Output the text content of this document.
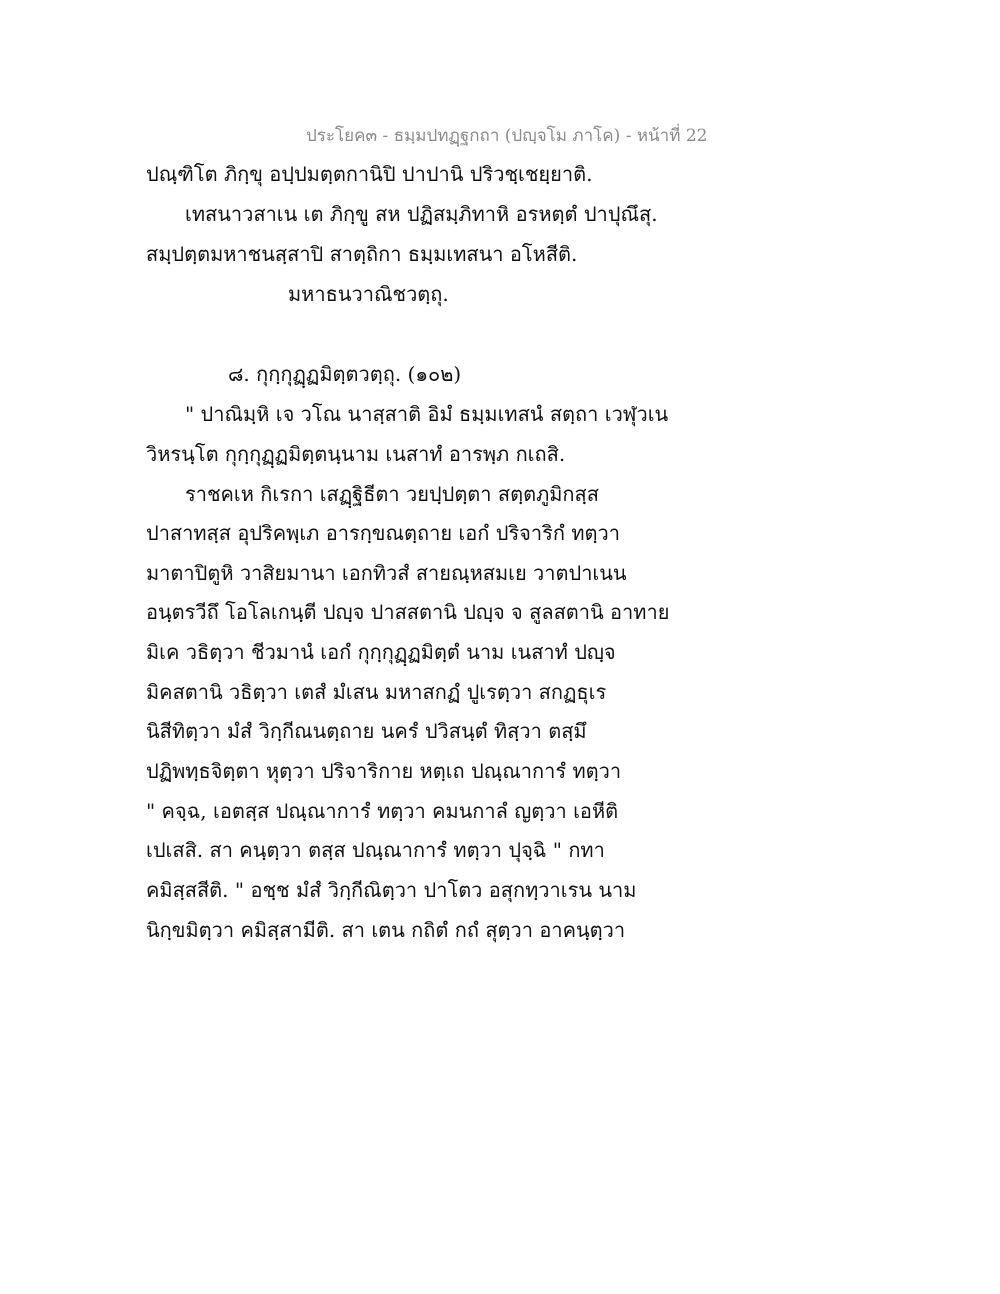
ประโยค๓ - ธมฺมปทฏฺฐกถา (ปญฺจโม ภาโค) - หน้าที่ 22
ปณฺฑิโต ภิกฺขุ อปฺปมตฺตกานิปิ ปาปานิ ปริวชฺเชยฺยาติ.
เทสนาวสาเน เต ภิกฺขู สห ปฏิสมฺภิทาหิ อรหตฺตํ ปาปุณึสุ.
สมฺปตฺตมหาชนสฺสาปิ สาตฺถิกา ธมฺมเทสนา อโหสีติ.
มหาธนวาณิชวตฺถุ.
๘. กุกฺกุฏฺฏมิตฺตวตฺถุ. (๑๐๒)
" ปาณิมฺหิ เจ วโณ นาสฺสาติ อิมํ ธมฺมเทสนํ สตฺถา เวฬุวเน
วิหรนฺโต กุกฺกุฏฺฏมิตฺตนฺนาม เนสาทํ อารพฺภ กเถสิ.
ราชคเห กิเรกา เสฏฺฐิธีตา วยปฺปตฺตา สตฺตภูมิกสฺส
ปาสาทสฺส อุปริคพฺเภ อารกฺขณตฺถาย เอกํ ปริจาริกํ ทตฺวา
มาตาปิตูหิ วาสิยมานา เอกทิวสํ สายณฺหสมเย วาตปาเนน
อนฺตรวีถึ โอโลเกนฺตี ปญฺจ ปาสสตานิ ปญฺจ จ สูลสตานิ อาทาย
มิเค วธิตฺวา ชีวมานํ เอกํ กุกฺกุฏฺฏมิตฺตํ นาม เนสาทํ ปญฺจ
มิคสตานิ วธิตฺวา เตสํ มํเสน มหาสกฏํ ปูเรตฺวา สกฏธุเร
นิสีทิตฺวา มํสํ วิกฺกีณนตฺถาย นครํ ปวิสนฺตํ ทิสฺวา ตสฺมึ
ปฏิพทฺธจิตฺตา หุตฺวา ปริจาริกาย หตฺเถ ปณฺณาการํ ทตฺวา
" คจฺฉ, เอตสฺส ปณฺณาการํ ทตฺวา คมนกาลํ ญตฺวา เอหีติ
เปเสสิ. สา คนฺตฺวา ตสฺส ปณฺณาการํ ทตฺวา ปุจฺฉิ " กทา
คมิสฺสสีติ. " อชฺช มํสํ วิกฺกีณิตฺวา ปาโตว อสุกทฺวาเรน นาม
นิกฺขมิตฺวา คมิสฺสามีติ. สา เตน กถิตํ กถํ สุตฺวา อาคนฺตฺวา
